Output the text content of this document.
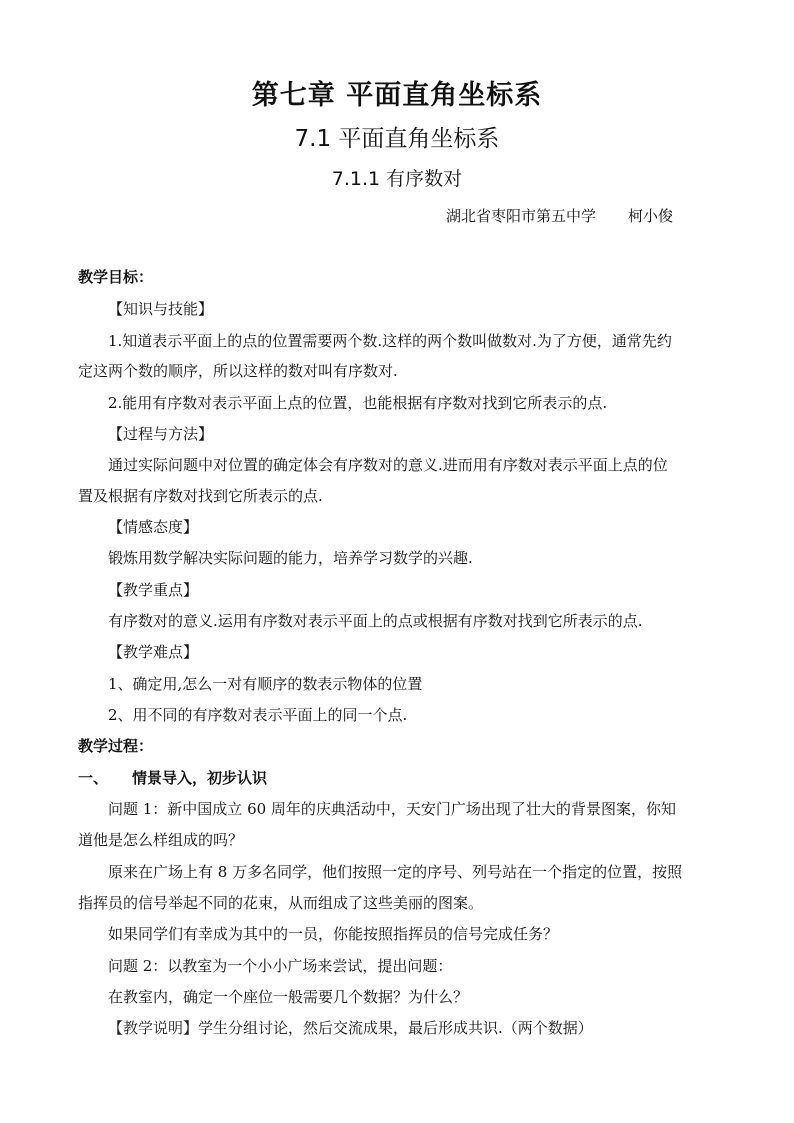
第七章 平面直角坐标系
7.1 平面直角坐标系
7.1.1 有序数对
湖北省枣阳市第五中学 柯小俊
教学目标：
【知识与技能】
1.知道表示平面上的点的位置需要两个数.这样的两个数叫做数对.为了方便，通常先约
定这两个数的顺序，所以这样的数对叫有序数对.
2.能用有序数对表示平面上点的位置，也能根据有序数对找到它所表示的点.
【过程与方法】
通过实际问题中对位置的确定体会有序数对的意义.进而用有序数对表示平面上点的位
置及根据有序数对找到它所表示的点.
【情感态度】
锻炼用数学解决实际问题的能力，培养学习数学的兴趣.
【教学重点】
有序数对的意义.运用有序数对表示平面上的点或根据有序数对找到它所表示的点.
【教学难点】
1、确定用,怎么一对有顺序的数表示物体的位置
2、用不同的有序数对表示平面上的同一个点.
教学过程：
一、 情景导入，初步认识
问题 1：新中国成立 60 周年的庆典活动中，天安门广场出现了壮大的背景图案，你知
道他是怎么样组成的吗？
原来在广场上有 8 万多名同学，他们按照一定的序号、列号站在一个指定的位置，按照
指挥员的信号举起不同的花束，从而组成了这些美丽的图案。
如果同学们有幸成为其中的一员，你能按照指挥员的信号完成任务？
问题 2：以教室为一个小小广场来尝试，提出问题：
在教室内，确定一个座位一般需要几个数据？为什么？
【教学说明】学生分组讨论，然后交流成果，最后形成共识.（两个数据）
